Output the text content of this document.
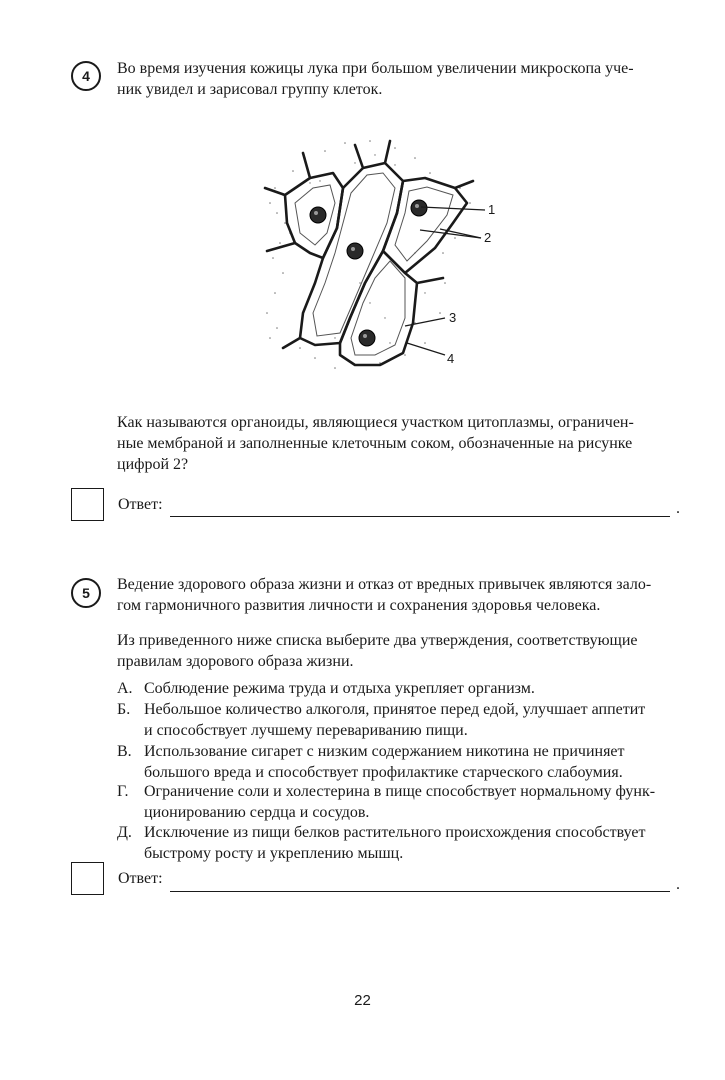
4 Во время изучения кожицы лука при большом увеличении микроскопа уче-
ник увидел и зарисовал группу клеток.
1
2
3
4
Как называются органоиды, являющиеся участком цитоплазмы, ограничен-
ные мембраной и заполненные клеточным соком, обозначенные на рисунке
цифрой 2?
Ответ:	.
5 Ведение здорового образа жизни и отказ от вредных привычек являются зало-
гом гармоничного развития личности и сохранения здоровья человека.
Из приведенного ниже списка выберите два утверждения, соответствующие
правилам здорового образа жизни.
А. Соблюдение режима труда и отдыха укрепляет организм.
Б. Небольшое количество алкоголя, принятое перед едой, улучшает аппетит
и способствует лучшему перевариванию пищи.
В. Использование сигарет с низким содержанием никотина не причиняет
большого вреда и способствует профилактике старческого слабоумия.
Г. Ограничение соли и холестерина в пище способствует нормальному функ-
ционированию сердца и сосудов.
Д. Исключение из пищи белков растительного происхождения способствует
быстрому росту и укреплению мышц.
Ответ:	.
22
